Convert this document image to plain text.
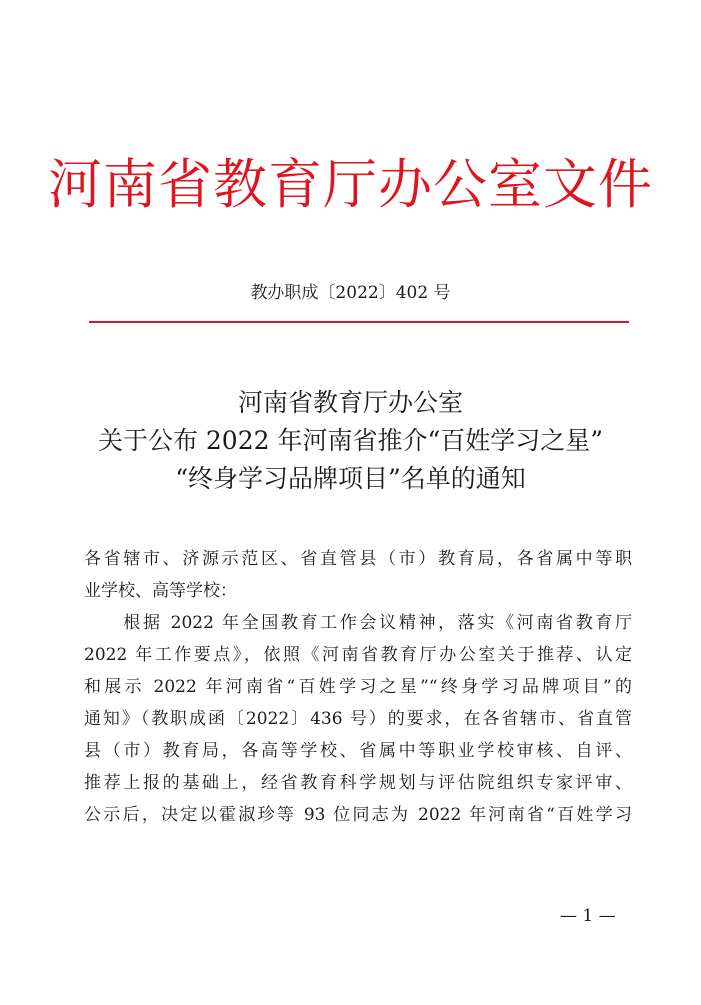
河南省教育厅办公室文件
教办职成〔2022〕402 号
河南省教育厅办公室
关于公布 2022 年河南省推介“百姓学习之星”
“终身学习品牌项目”名单的通知
各省辖市、济源示范区、省直管县（市）教育局，各省属中等职
业学校、高等学校：
　　根据 2022 年全国教育工作会议精神，落实《河南省教育厅
2022 年工作要点》，依照《河南省教育厅办公室关于推荐、认定
和展示 2022 年河南省“百姓学习之星”“终身学习品牌项目”的
通知》（教职成函〔2022〕436 号）的要求，在各省辖市、省直管
县（市）教育局，各高等学校、省属中等职业学校审核、自评、
推荐上报的基础上，经省教育科学规划与评估院组织专家评审、
公示后，决定以霍淑珍等 93 位同志为 2022 年河南省“百姓学习
— 1 —
